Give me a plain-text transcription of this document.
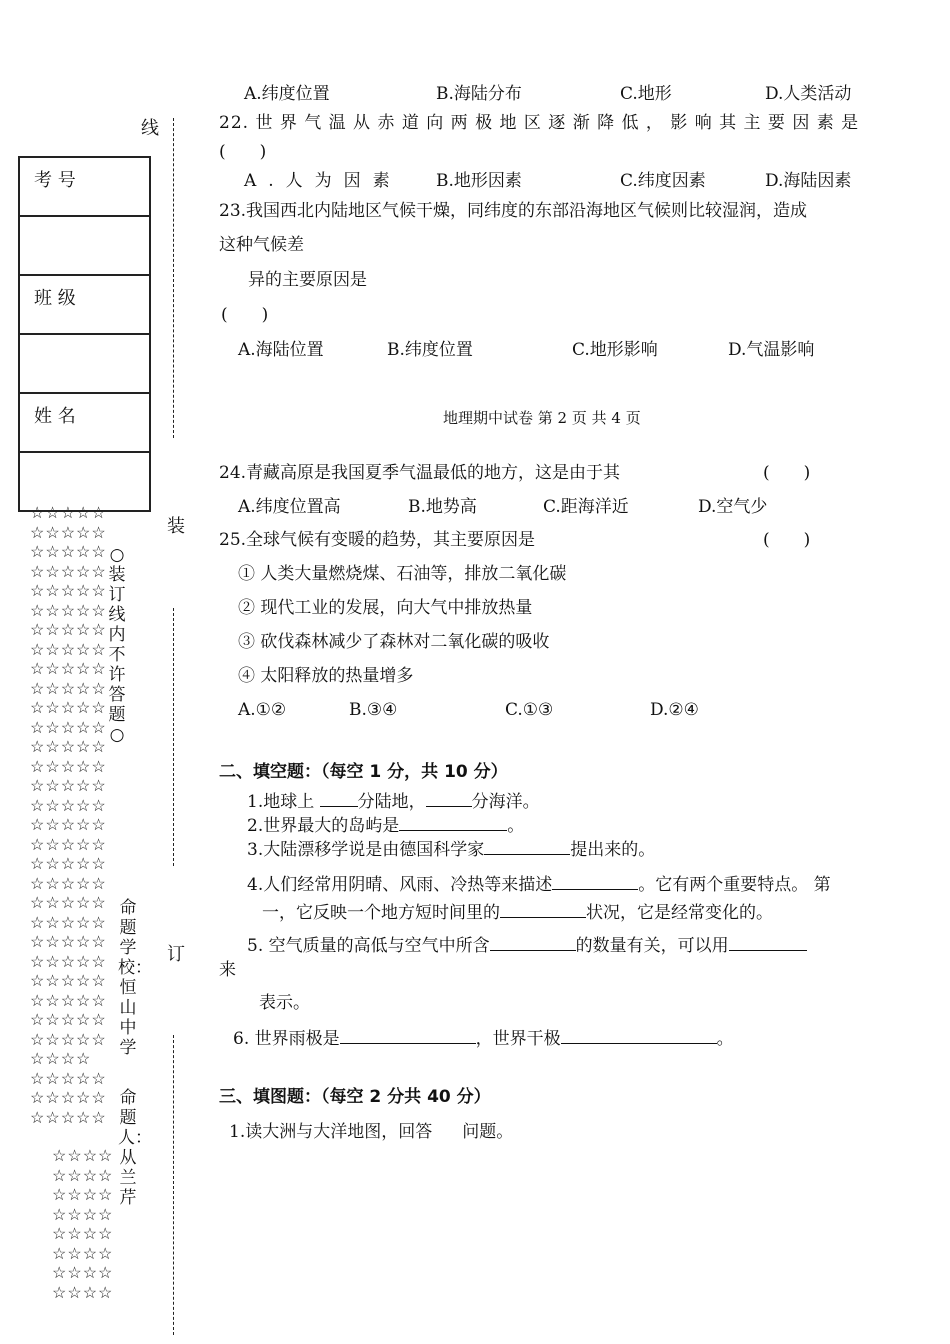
线
装
订
考 号

班 级

姓 名

☆☆☆☆☆
☆☆☆☆☆
☆☆☆☆☆
☆☆☆☆☆
☆☆☆☆☆
☆☆☆☆☆
☆☆☆☆☆
☆☆☆☆☆
☆☆☆☆☆
☆☆☆☆☆
☆☆☆☆☆
☆☆☆☆☆
☆☆☆☆☆
☆☆☆☆☆
☆☆☆☆☆
☆☆☆☆☆
☆☆☆☆☆
☆☆☆☆☆
☆☆☆☆☆
☆☆☆☆☆
☆☆☆☆☆
☆☆☆☆☆
☆☆☆☆☆
☆☆☆☆☆
☆☆☆☆☆
☆☆☆☆☆
☆☆☆☆☆
☆☆☆☆☆
☆☆☆☆
☆☆☆☆☆
☆☆☆☆☆
☆☆☆☆☆
☆☆☆☆
☆☆☆☆
☆☆☆☆
☆☆☆☆
☆☆☆☆
☆☆☆☆
☆☆☆☆
☆☆☆☆
○装订线内不许答题○
命题学校：恒山中学
命题人：从兰芹
A.纬度位置	B.海陆分布	C.地形	D.人类活动
22. 世 界 气 温 从 赤 道 向 两 极 地 区 逐 渐 降 低 ， 影 响 其 主 要 因 素 是
(　　)
A.人为因素 B.地形因素	C.纬度因素	D.海陆因素
23.我国西北内陆地区气候干燥，同纬度的东部沿海地区气候则比较湿润，造成
这种气候差
异的主要原因是
(　　)
A.海陆位置	B.纬度位置	C.地形影响	D.气温影响
地理期中试卷 第 2 页 共 4 页
24.青藏高原是我国夏季气温最低的地方，这是由于其	(　　)
A.纬度位置高	B.地势高	C.距海洋近	D.空气少
25.全球气候有变暖的趋势，其主要原因是	(　　)
① 人类大量燃烧煤、石油等，排放二氧化碳
② 现代工业的发展，向大气中排放热量
③ 砍伐森林减少了森林对二氧化碳的吸收
④ 太阳释放的热量增多
A.①②	B.③④	C.①③	D.②④
二、填空题：（每空 1 分，共 10 分）
1.地球上 分陆地，	分海洋。
2.世界最大的岛屿是	。
3.大陆漂移学说是由德国科学家	提出来的。
4.人们经常用阴晴、风雨、冷热等来描述	。它有两个重要特点。 第
一，它反映一个地方短时间里的	状况，它是经常变化的。
5. 空气质量的高低与空气中所含	的数量有关，可以用
来
表示。
6. 世界雨极是	，世界干极	。
三、填图题：（每空 2 分共 40 分）
1.读大洲与大洋地图，回答 问题。
